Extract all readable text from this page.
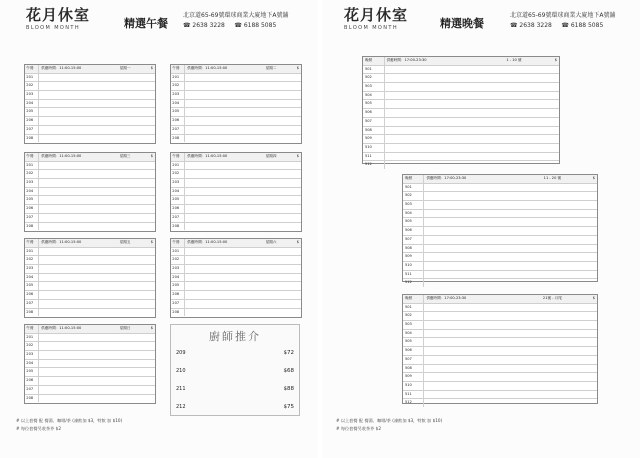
花月休室
BLOOM MONTH	精選午餐
北京道65-69號環球商業大廈地下A號舖
☎ 2638 3228 ☎ 6188 5085
午餐	供應時間：11:00-15:00	星期一	$
201
202
203
204
205
206
207
208
午餐	供應時間：11:00-15:00	星期二	$
201
202
203
204
205
206
207
208
午餐	供應時間：11:00-15:00	星期三	$
201
202
203
204
205
206
207
208
午餐	供應時間：11:00-15:00	星期四	$
201
202
203
204
205
206
207
208
午餐	供應時間：11:00-15:00	星期五	$
201
202
203
204
205
206
207
208
午餐	供應時間：11:00-15:00	星期六	$
201
202
203
204
205
206
207
208
午餐	供應時間：11:00-15:00	星期日	$
201
202
203
204
205
206
207
208
廚師推介
209	$72
210	$68
211	$88
212	$75
# 以上套餐 配 餐湯、咖啡/茶 (凍飲加 $3，特飲 加 $10)
# 每位套餐另收茶芥 $2
花月休室
BLOOM MONTH	精選晚餐
北京道65-69號環球商業大廈地下A號舖
☎ 2638 3228 ☎ 6188 5085
晚餐	供應時間：17:00-23:30	1 - 10 號	$
501
502
503
504
505
506
507
508
509
510
511
512
晚餐	供應時間：17:00-23:30	11 - 20 號	$
501
502
503
504
505
506
507
508
509
510
511
512
晚餐	供應時間：17:00-23:30	21號 - 月尾	$
501
502
503
504
505
506
507
508
509
510
511
512
# 以上套餐 配 餐湯、咖啡/茶 (凍飲加 $3，特飲 加 $10)
# 每位套餐另收茶芥 $2
